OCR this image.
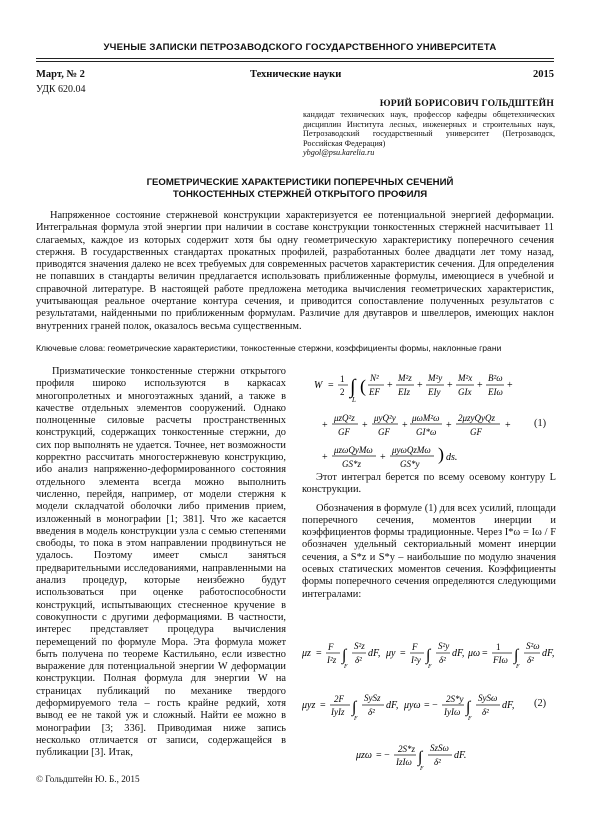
УЧЕНЫЕ ЗАПИСКИ ПЕТРОЗАВОДСКОГО ГОСУДАРСТВЕННОГО УНИВЕРСИТЕТА
Март, № 2	Технические науки	2015
УДК 620.04
ЮРИЙ БОРИСОВИЧ ГОЛЬДШТЕЙН
кандидат технических наук, профессор кафедры общетехнических дисциплин Института лесных, инженерных и строительных наук, Петрозаводский государственный университет (Петрозаводск, Российская Федерация)
ybgol@psu.karelia.ru
ГЕОМЕТРИЧЕСКИЕ ХАРАКТЕРИСТИКИ ПОПЕРЕЧНЫХ СЕЧЕНИЙ
ТОНКОСТЕННЫХ СТЕРЖНЕЙ ОТКРЫТОГО ПРОФИЛЯ
Напряженное состояние стержневой конструкции характеризуется ее потенциальной энергией деформации. Интегральная формула этой энергии при наличии в составе конструкции тонкостенных стержней насчитывает 11 слагаемых, каждое из которых содержит хотя бы одну геометрическую характеристику поперечного сечения стержня. В государственных стандартах прокатных профилей, разработанных более двадцати лет тому назад, приводятся значения далеко не всех требуемых для современных расчетов характеристик сечения. Для определения не попавших в стандарты величин предлагается использовать приближенные формулы, имеющиеся в учебной и справочной литературе. В настоящей работе предложена методика вычисления геометрических характеристик, учитывающая реальное очертание контура сечения, и приводится сопоставление полученных результатов с результатами, найденными по приближенным формулам. Различие для двутавров и швеллеров, имеющих наклон внутренних граней полок, оказалось весьма существенным.
Ключевые слова: геометрические характеристики, тонкостенные стержни, коэффициенты формы, наклонные грани

Призматические тонкостенные стержни открытого профиля широко используются в каркасах многопролетных и многоэтажных зданий, а также в качестве отдельных элементов сооружений. Однако полноценные силовые расчеты пространственных конструкций, содержащих тонкостенные стержни, до сих пор выполнять не удается. Точнее, нет возможности корректно рассчитать многостержневую конструкцию, ибо анализ напряженно-деформированного состояния отдельного элемента всегда можно выполнить численно, перейдя, например, от модели стержня к модели складчатой оболочки либо применив прием, изложенный в монографии [1; 381]. Что же касается введения в модель конструкции узла с семью степенями свободы, то пока в этом направлении продвинуться не удалось. Поэтому имеет смысл заняться предварительными исследованиями, направленными на анализ процедур, которые неизбежно будут использоваться при оценке работоспособности конструкций, испытывающих стесненное кручение в совокупности с другими деформациями. В частности, интерес представляет процедура вычисления перемещений по формуле Мора. Эта формула может быть получена по теореме Кастильяно, если известно выражение для потенциальной энергии W деформации конструкции. Полная формула для энергии W на страницах публикаций по механике твердого деформируемого тела – гость крайне редкий, хотя вывод ее не такой уж и сложный. Найти ее можно в монографии [3; 336]. Приводимая ниже запись несколько отличается от записи, содержащейся в публикации [3]. Итак,

W =
1
2 ∫
L
( N²
EF
+
M²z
EIz
+
M²y
EIy
+
M²x
GIx
+
B²ω
EIω
+
+
μzQ²z
GF
+
μyQ²y
GF
+
μωM²ω
GI*ω
+
2μzyQyQz
GF
+
+
μzωQyMω
GS*z
+
μyωQzMω
GS*y ) ds.
(1)

Этот интеграл берется по всему осевому контуру L конструкции.

Обозначения в формуле (1) для всех усилий, площади поперечного сечения, моментов инерции и коэффициентов формы традиционные. Через I*ω = Iω / F обозначен удельный секториальный момент инерции сечения, а S*z и S*y – наибольшие по модулю значения осевых статических моментов сечения. Коэффициенты формы поперечного сечения определяются следующими интегралами:

μz =
F
I²z ∫
F
S²z
δ²
dF, μy =
F
I²y ∫
F
S²y
δ²
dF, μω =
1
FIω ∫
F
S²ω
δ²
dF,
μyz =
2F
IyIz ∫
F
SySz
δ²
dF, μyω = −
2S*y
IyIω ∫
F
SySω
δ²
dF,
μzω = −
2S*z
IzIω ∫
F
SzSω
δ²
dF.
(2)
© Гольдштейн Ю. Б., 2015
